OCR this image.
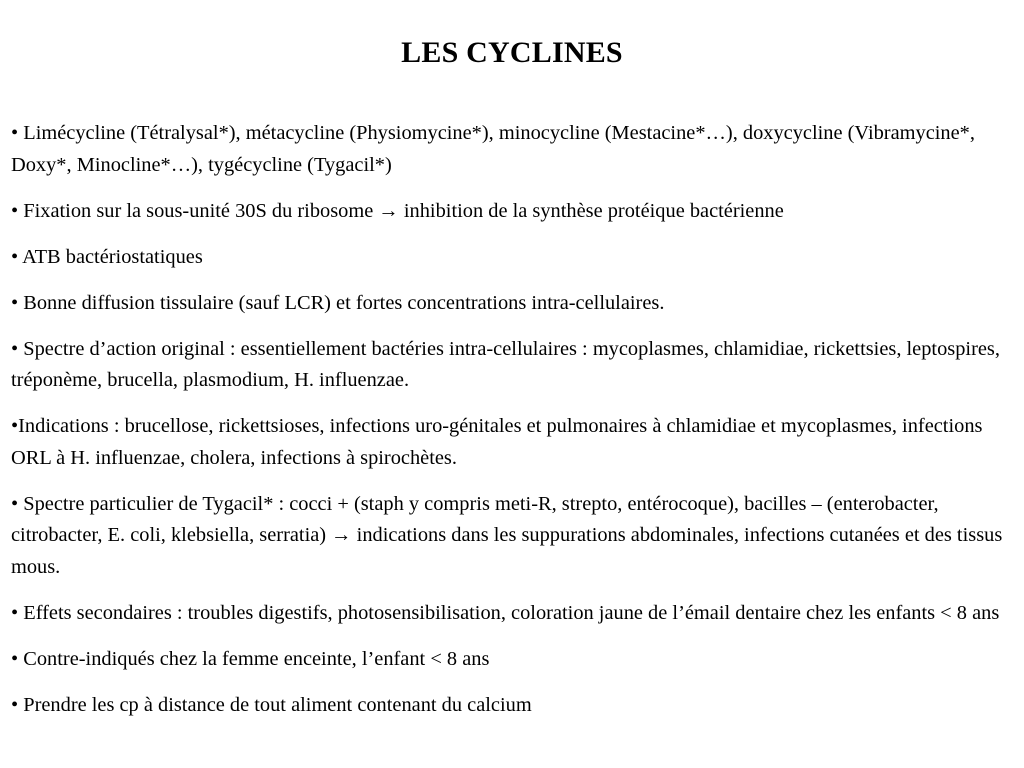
LES CYCLINES
• Limécycline (Tétralysal*), métacycline (Physiomycine*), minocycline (Mestacine*…), doxycycline (Vibramycine*, Doxy*, Minocline*…), tygécycline (Tygacil*)
• Fixation sur la sous-unité 30S du ribosome → inhibition de la synthèse protéique bactérienne
• ATB bactériostatiques
• Bonne diffusion tissulaire (sauf LCR) et fortes concentrations intra-cellulaires.
• Spectre d’action original : essentiellement bactéries intra-cellulaires : mycoplasmes, chlamidiae, rickettsies, leptospires, tréponème, brucella, plasmodium, H. influenzae.
•Indications : brucellose, rickettsioses, infections uro-génitales et pulmonaires à chlamidiae et mycoplasmes, infections ORL à H. influenzae, cholera, infections à spirochètes.
• Spectre particulier de Tygacil* : cocci + (staph y compris meti-R, strepto, entérocoque), bacilles – (enterobacter, citrobacter, E. coli, klebsiella, serratia) → indications dans les suppurations abdominales, infections cutanées et des tissus mous.
• Effets secondaires : troubles digestifs, photosensibilisation, coloration jaune de l’émail dentaire chez les enfants < 8 ans
• Contre-indiqués chez la femme enceinte, l’enfant < 8 ans
• Prendre les cp à distance de tout aliment contenant du calcium
